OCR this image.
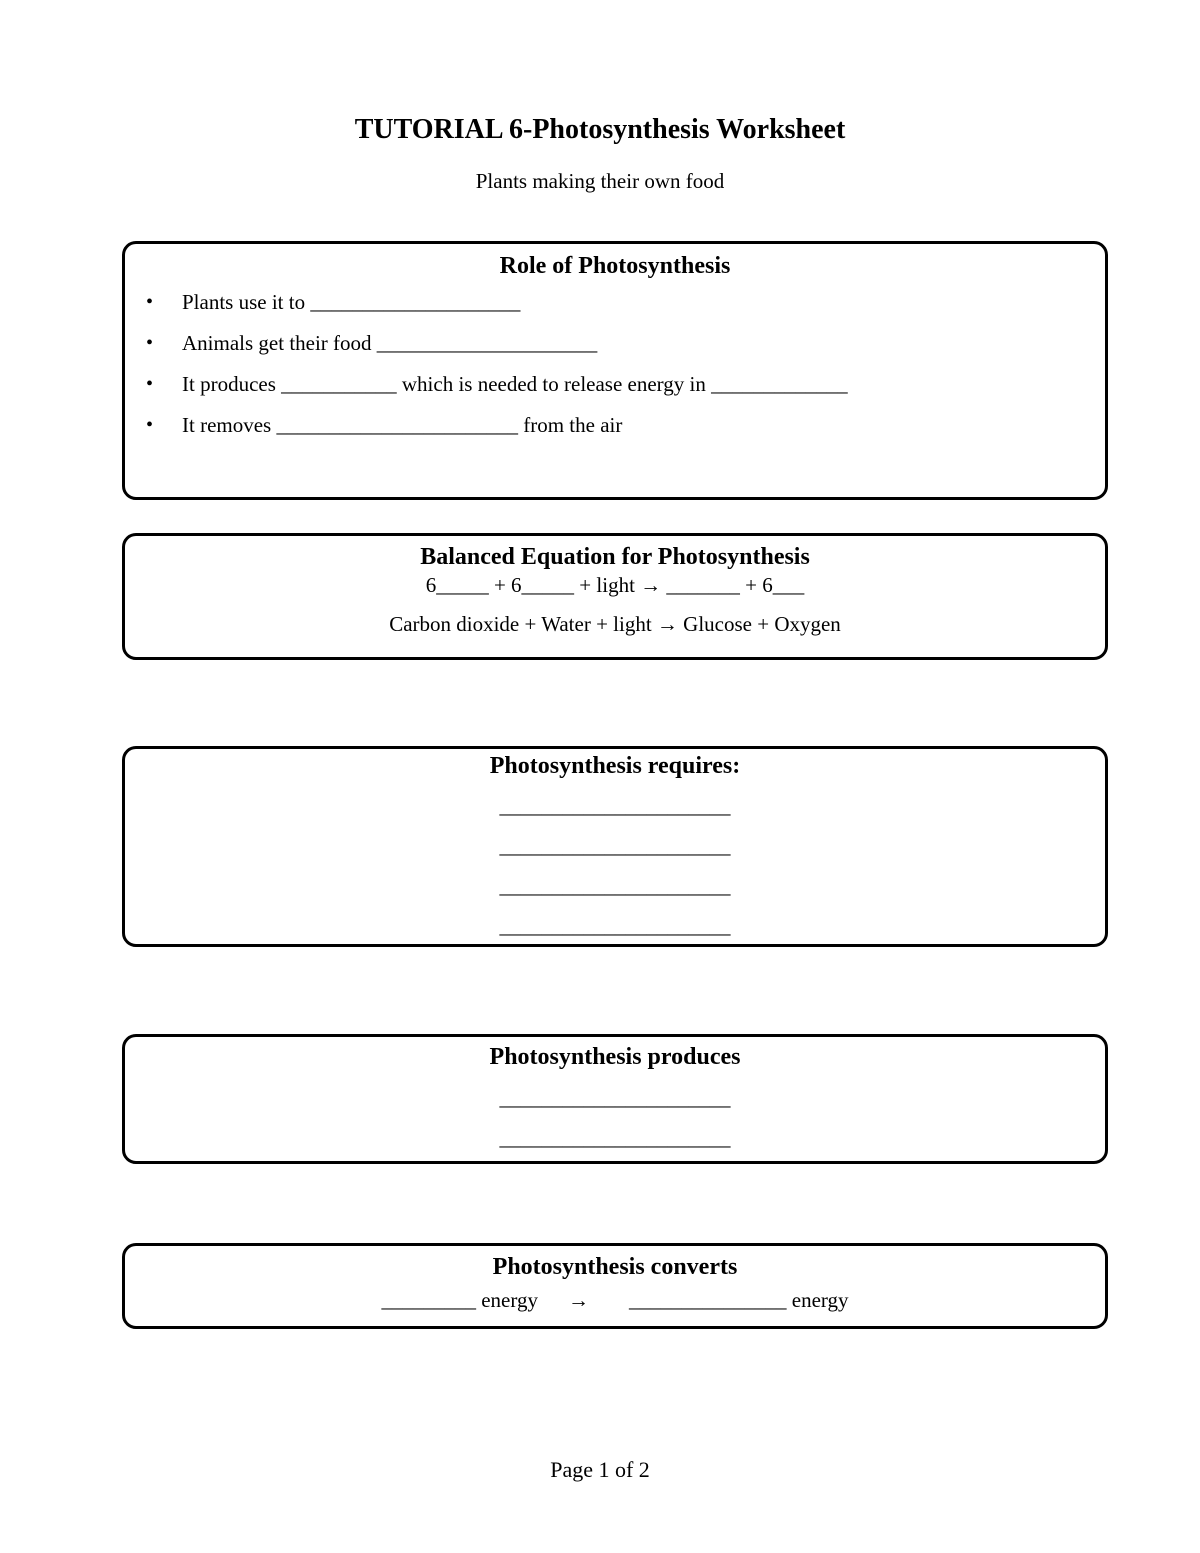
TUTORIAL 6-Photosynthesis Worksheet
Plants making their own food
Role of Photosynthesis
• Plants use it to ____________________
• Animals get their food _____________________
• It produces ___________ which is needed to release energy in _____________
• It removes _______________________ from the air
Balanced Equation for Photosynthesis
6_____ + 6_____ + light → _______ + 6___
Carbon dioxide + Water + light → Glucose + Oxygen
Photosynthesis requires:
______________________
______________________
______________________
______________________
Photosynthesis produces
______________________
______________________
Photosynthesis converts
_________ energy → _______________ energy
Page 1 of 2
